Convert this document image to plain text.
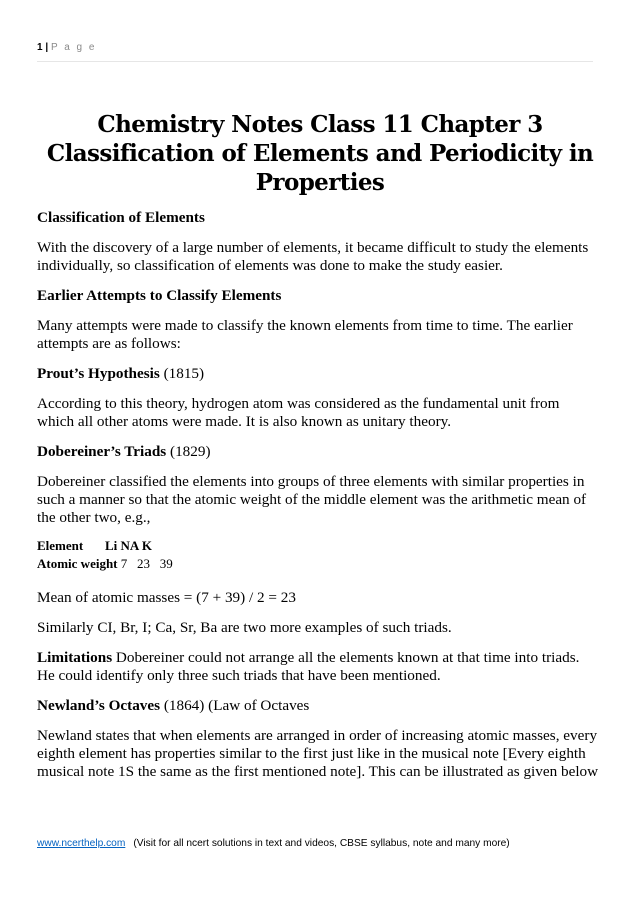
1 | P a g e
Chemistry Notes Class 11 Chapter 3
Classification of Elements and Periodicity in
Properties
Classification of Elements
With the discovery of a large number of elements, it became difficult to study the elements individually, so classification of elements was done to make the study easier.
Earlier Attempts to Classify Elements
Many attempts were made to classify the known elements from time to time. The earlier attempts are as follows:
Prout’s Hypothesis (1815)
According to this theory, hydrogen atom was considered as the fundamental unit from which all other atoms were made. It is also known as unitary theory.
Dobereiner’s Triads (1829)
Dobereiner classified the elements into groups of three elements with similar properties in such a manner so that the atomic weight of the middle element was the arithmetic mean of the other two, e.g.,
Element	Li NA K
Atomic weight 7   23   39
Mean of atomic masses = (7 + 39) / 2 = 23
Similarly CI, Br, I; Ca, Sr, Ba are two more examples of such triads.
Limitations Dobereiner could not arrange all the elements known at that time into triads. He could identify only three such triads that have been mentioned.
Newland’s Octaves (1864) (Law of Octaves
Newland states that when elements are arranged in order of increasing atomic masses, every eighth element has properties similar to the first just like in the musical note [Every eighth musical note 1S the same as the first mentioned note]. This can be illustrated as given below
www.ncerthelp.com (Visit for all ncert solutions in text and videos, CBSE syllabus, note and many more)
